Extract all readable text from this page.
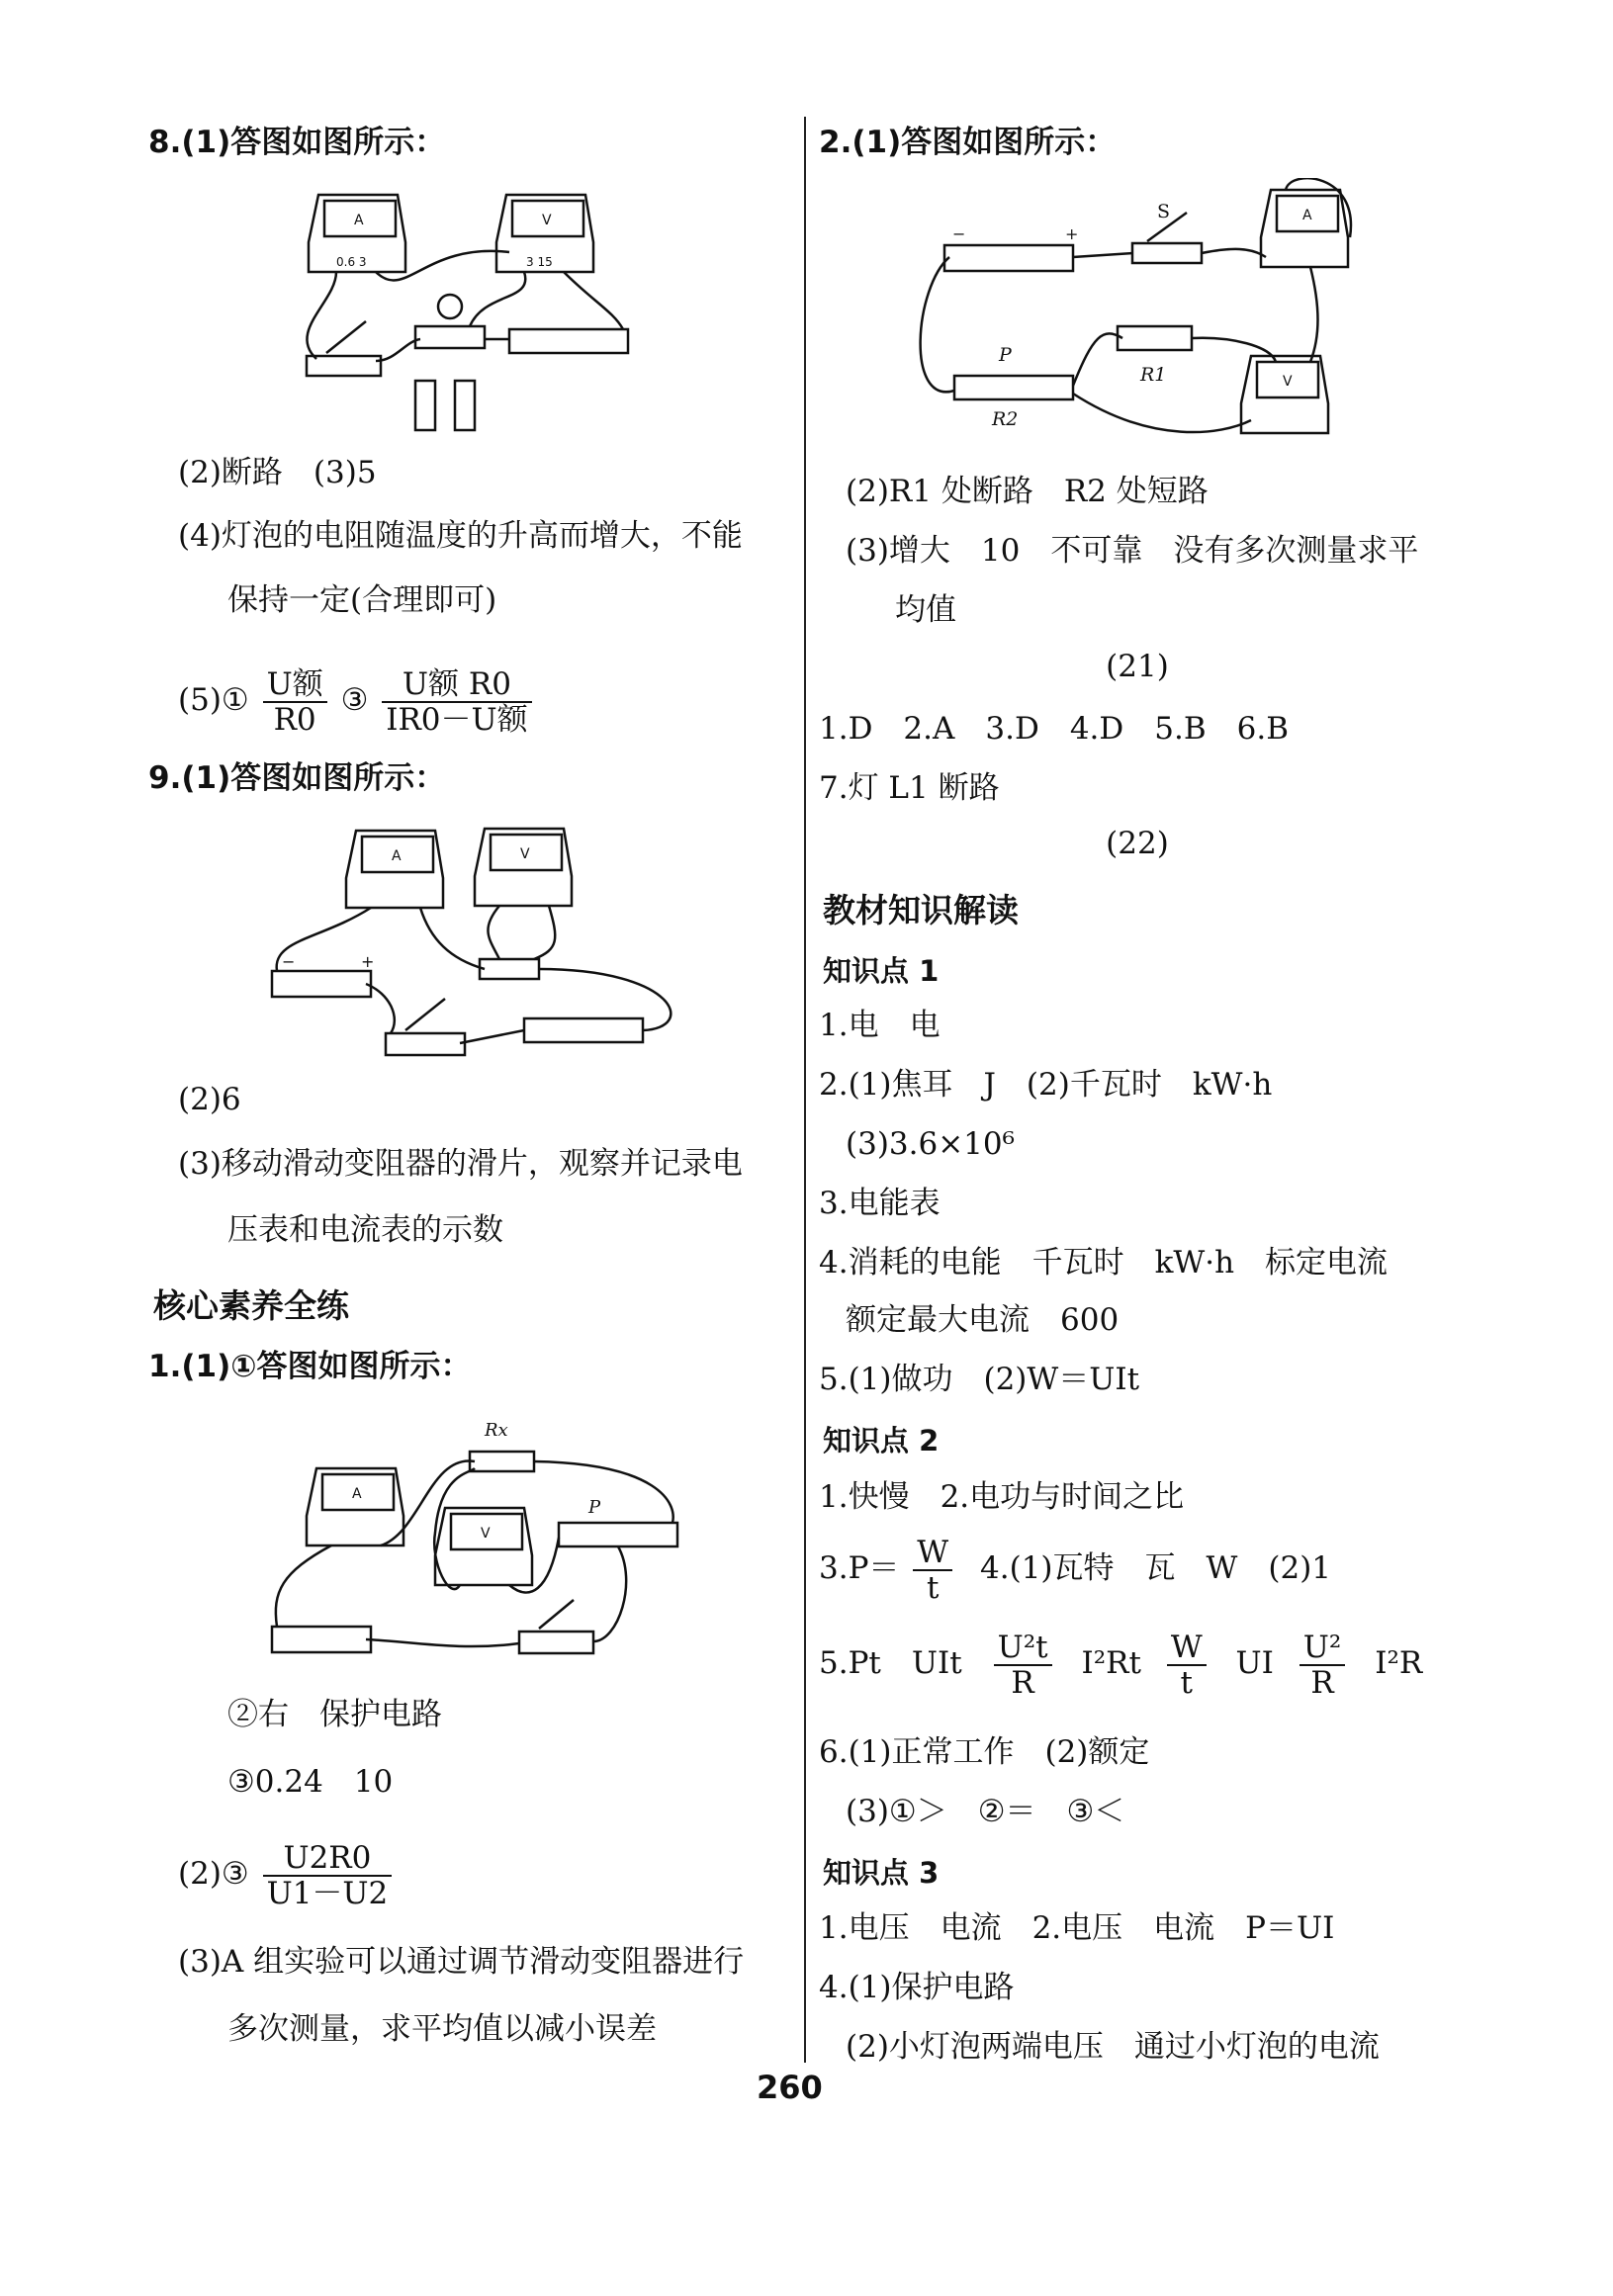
8.(1)答图如图所示：
A	V
0.6 3	3 15
(2)断路　(3)5
(4)灯泡的电阻随温度的升高而增大，不能
保持一定(合理即可)
(5)① $\frac{\text{U额}}{R0}$ ③ $\frac{\text{U额 R0}}{\text{IR0－U额}}$
9.(1)答图如图所示：
A	V
−	+
(2)6
(3)移动滑动变阻器的滑片，观察并记录电
压表和电流表的示数
核心素养全练
1.(1)①答图如图所示：
Rx
P
A
V
②右　保护电路
③0.24　10
(2)③ $\frac{U2R0}{U1-U2}$
(3)A 组实验可以通过调节滑动变阻器进行
多次测量，求平均值以减小误差
2.(1)答图如图所示：
S
P
R1
R2
−	+
A
V
(2)R1 处断路　R2 处短路
(3)增大　10　不可靠　没有多次测量求平
均值
(21)
1.D　2.A　3.D　4.D　5.B　6.B
7.灯 L1 断路
(22)
教材知识解读
知识点 1
1.电　电
2.(1)焦耳　J　(2)千瓦时　kW·h
(3)3.6×10⁶
3.电能表
4.消耗的电能　千瓦时　kW·h　标定电流
额定最大电流　600
5.(1)做功　(2)W＝UIt
知识点 2
1.快慢　2.电功与时间之比
$3.P= \frac{W}{t} 4.(1)$瓦特　瓦　W　(2)1
5.Pt　UIt $\frac{\text{U²t}}{R} I^2Rt \frac{W}{t}$ UI $\frac{\text{U²}}{R} I^2R$
6.(1)正常工作　(2)额定
(3)①＞　②＝　③＜
知识点 3
1.电压　电流　2.电压　电流　P＝UI
4.(1)保护电路
(2)小灯泡两端电压　通过小灯泡的电流
260
